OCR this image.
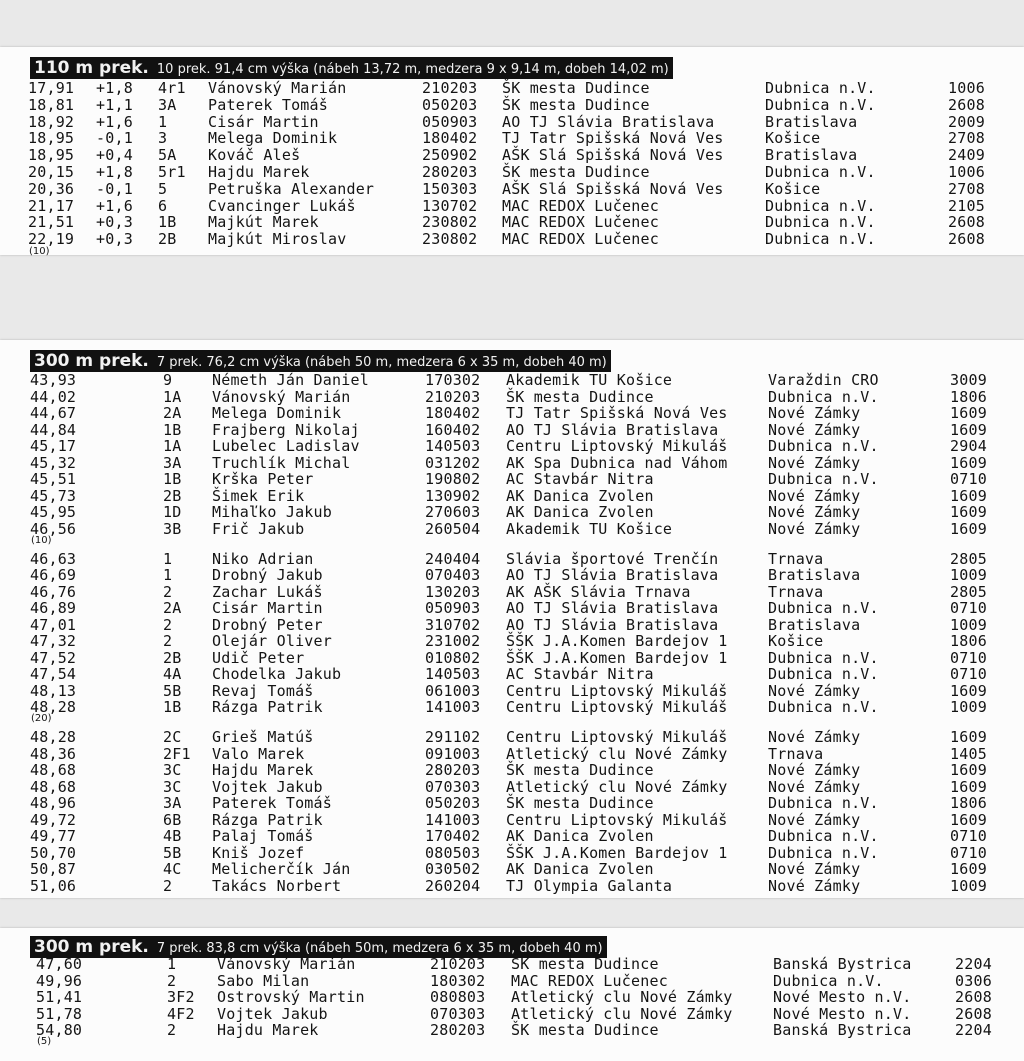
110 m prek. 10 prek. 91,4 cm výška (nábeh 13,72 m, medzera 9 x 9,14 m, dobeh 14,02 m)
17,91 +1,8 4r1 Vánovský Marián	210203 ŠK mesta Dudince	Dubnica n.V.	1006
18,81 +1,1 3A Paterek Tomáš	050203 ŠK mesta Dudince	Dubnica n.V.	2608
18,92 +1,6 1	Cisár Martin	050903 AO TJ Slávia Bratislava	Bratislava	2009
18,95 -0,1 3	Melega Dominik	180402 TJ Tatr Spišská Nová Ves	Košice	2708
18,95 +0,4 5A Kováč Aleš	250902 AŠK Slá Spišská Nová Ves	Bratislava	2409
20,15 +1,8 5r1 Hajdu Marek	280203 ŠK mesta Dudince	Dubnica n.V.	1006
20,36 -0,1 5	Petruška Alexander	150303 AŠK Slá Spišská Nová Ves	Košice	2708
21,17 +1,6 6	Cvancinger Lukáš	130702 MAC REDOX Lučenec	Dubnica n.V.	2105
21,51 +0,3 1B Majkút Marek	230802 MAC REDOX Lučenec	Dubnica n.V.	2608
22,19 +0,3 2B Majkút Miroslav	230802 MAC REDOX Lučenec	Dubnica n.V.	2608
(10)
300 m prek. 7 prek. 76,2 cm výška (nábeh 50 m, medzera 6 x 35 m, dobeh 40 m)
43,93	9	Németh Ján Daniel	170302 Akademik TU Košice	Varaždin CRO	3009
44,02	1A Vánovský Marián	210203 ŠK mesta Dudince	Dubnica n.V.	1806
44,67	2A Melega Dominik	180402 TJ Tatr Spišská Nová Ves	Nové Zámky	1609
44,84	1B Frajberg Nikolaj	160402 AO TJ Slávia Bratislava	Nové Zámky	1609
45,17	1A Lubelec Ladislav	140503 Centru Liptovský Mikuláš	Dubnica n.V.	2904
45,32	3A Truchlík Michal	031202 AK Spa Dubnica nad Váhom	Nové Zámky	1609
45,51	1B Krška Peter	190802 AC Stavbár Nitra	Dubnica n.V.	0710
45,73	2B Šimek Erik	130902 AK Danica Zvolen	Nové Zámky	1609
45,95	1D Mihaľko Jakub	270603 AK Danica Zvolen	Nové Zámky	1609
46,56	3B Frič Jakub	260504 Akademik TU Košice	Nové Zámky	1609
46,63	1	Niko Adrian	240404 Slávia športové Trenčín	Trnava	2805
46,69	1	Drobný Jakub	070403 AO TJ Slávia Bratislava	Bratislava	1009
46,76	2	Zachar Lukáš	130203 AK AŠK Slávia Trnava	Trnava	2805
46,89	2A Cisár Martin	050903 AO TJ Slávia Bratislava	Dubnica n.V.	0710
47,01	2	Drobný Peter	310702 AO TJ Slávia Bratislava	Bratislava	1009
47,32	2	Olejár Oliver	231002 ŠŠK J.A.Komen Bardejov 1	Košice	1806
47,52	2B Udič Peter	010802 ŠŠK J.A.Komen Bardejov 1	Dubnica n.V.	0710
47,54	4A Chodelka Jakub	140503 AC Stavbár Nitra	Dubnica n.V.	0710
48,13	5B Revaj Tomáš	061003 Centru Liptovský Mikuláš	Nové Zámky	1609
48,28	1B Rázga Patrik	141003 Centru Liptovský Mikuláš	Dubnica n.V.	1009
48,28	2C Grieš Matúš	291102 Centru Liptovský Mikuláš	Nové Zámky	1609
48,36	2F1 Valo Marek	091003 Atletický clu Nové Zámky	Trnava	1405
48,68	3C Hajdu Marek	280203 ŠK mesta Dudince	Nové Zámky	1609
48,68	3C Vojtek Jakub	070303 Atletický clu Nové Zámky	Nové Zámky	1609
48,96	3A Paterek Tomáš	050203 ŠK mesta Dudince	Dubnica n.V.	1806
49,72	6B Rázga Patrik	141003 Centru Liptovský Mikuláš	Nové Zámky	1609
49,77	4B Palaj Tomáš	170402 AK Danica Zvolen	Dubnica n.V.	0710
50,70	5B Kniš Jozef	080503 ŠŠK J.A.Komen Bardejov 1	Dubnica n.V.	0710
50,87	4C Melicherčík Ján	030502 AK Danica Zvolen	Nové Zámky	1609
51,06	2	Takács Norbert	260204 TJ Olympia Galanta	Nové Zámky	1009
(10)
(20)
300 m prek. 7 prek. 83,8 cm výška (nábeh 50m, medzera 6 x 35 m, dobeh 40 m)
47,60	1	Vánovský Marián	210203 ŠK mesta Dudince	Banská Bystrica	2204
49,96	2	Sabo Milan	180302 MAC REDOX Lučenec	Dubnica n.V.	0306
51,41	3F2 Ostrovský Martin	080803 Atletický clu Nové Zámky	Nové Mesto n.V.	2608
51,78	4F2 Vojtek Jakub	070303 Atletický clu Nové Zámky	Nové Mesto n.V.	2608
54,80	2	Hajdu Marek	280203 ŠK mesta Dudince	Banská Bystrica	2204
(5)
